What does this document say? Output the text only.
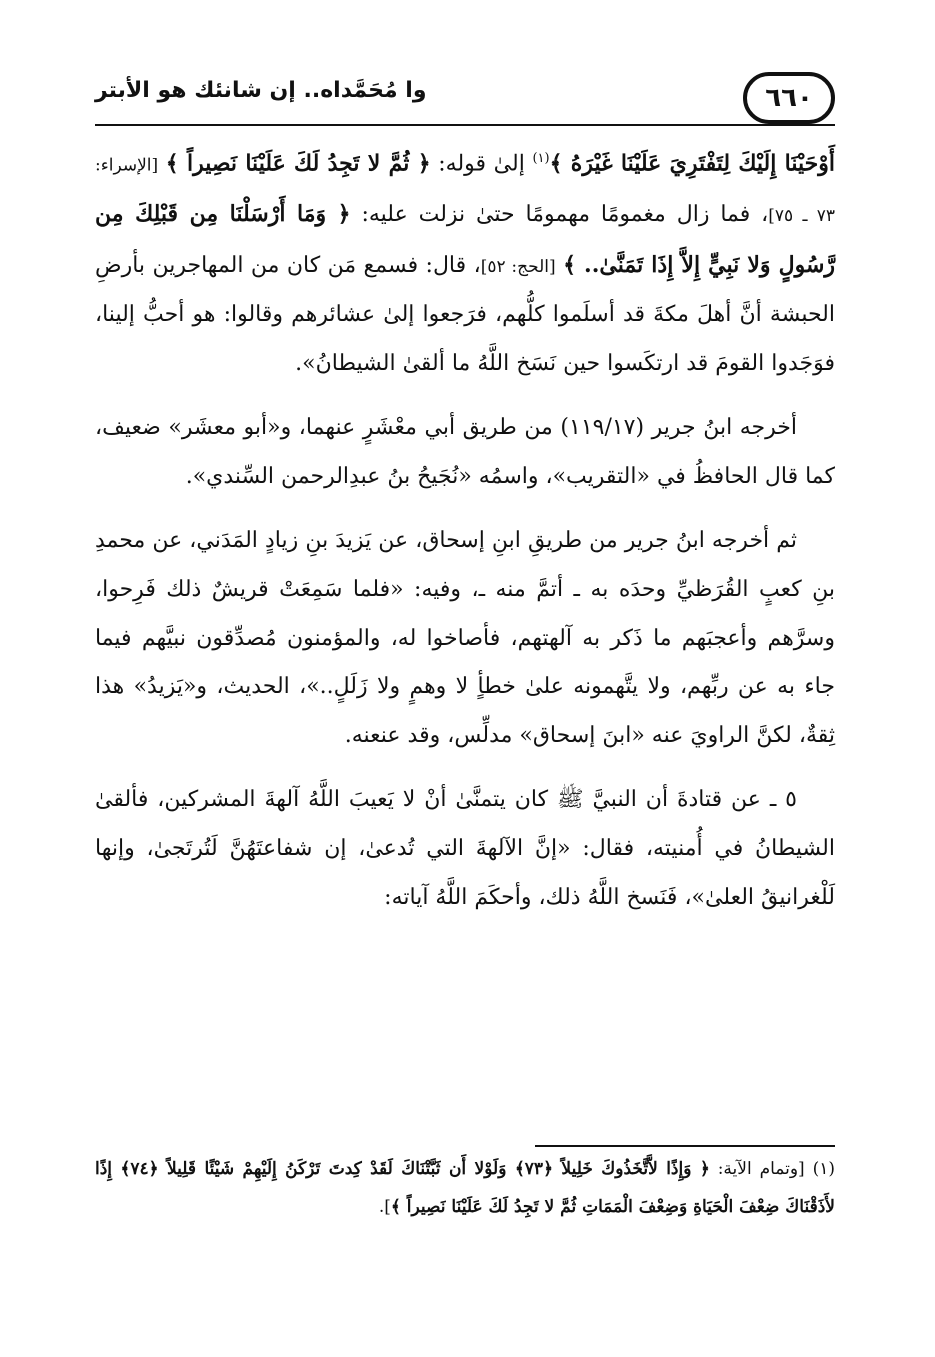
٦٦٠
وا مُحَمَّداه.. إن شانئك هو الأبتر

أَوْحَيْنَا إِلَيْكَ لِتَفْتَرِيَ عَلَيْنَا غَيْرَهُ ﴾$^{(١)}$ إلىٰ قوله: ﴿ ثُمَّ لا تَجِدُ لَكَ عَلَيْنَا نَصِيراً ﴾ [الإسراء: ٧٣ ـ ٧٥]، فما زال مغمومًا مهمومًا حتىٰ نزلت عليه: ﴿ وَمَا أَرْسَلْنَا مِن قَبْلِكَ مِن رَّسُولٍ وَلا نَبِيٍّ إِلاَّ إِذَا تَمَنَّىٰ.. ﴾ [الحج: ٥٢]، قال: فسمع مَن كان من المهاجرين بأرضِ الحبشة أنَّ أهلَ مكةَ قد أسلَموا كلُّهم، فرَجعوا إلىٰ عشائرهم وقالوا: هو أحبُّ إلينا، فوَجَدوا القومَ قد ارتكَسوا حين نَسَخ اللَّهُ ما ألقىٰ الشيطانُ».

أخرجه ابنُ جرير (١١٩/١٧) من طريق أبي معْشَرٍ عنهما، و«أبو معشَر» ضعيف، كما قال الحافظُ في «التقريب»، واسمُه «نُجَيحُ بنُ عبدِالرحمن السِّندي».

ثم أخرجه ابنُ جرير من طريقِ ابنِ إسحاق، عن يَزيدَ بنِ زيادٍ المَدَني، عن محمدِ بنِ كعبٍ القُرَظيِّ وحدَه به ـ أتمَّ منه ـ، وفيه: «فلما سَمِعَتْ قريشٌ ذلك فَرِحوا، وسرَّهم وأعجبَهم ما ذَكر به آلهتهم، فأصاخوا له، والمؤمنون مُصدِّقون نبيَّهم فيما جاء به عن ربِّهم، ولا يتَّهمونه علىٰ خطأٍ لا وهمٍ ولا زَلَلٍ..»، الحديث، و«يَزيدُ» هذا ثِقةٌ، لكنَّ الراويَ عنه «ابنَ إسحاق» مدلِّس، وقد عنعنه.

٥ ـ عن قتادةَ أن النبيَّ ﷺ كان يتمنَّىٰ أنْ لا يَعيبَ اللَّهُ آلهةَ المشركين، فألقىٰ الشيطانُ في أُمنيته، فقال: «إنَّ الآلهةَ التي تُدعىٰ، إن شفاعتَهُنَّ لَتُرتَجىٰ، وإنها لَلْغرانيقُ العلىٰ»، فَنَسخ اللَّهُ ذلك، وأحكَمَ اللَّهُ آياته:

(١) [وتمام الآية: ﴿ وَإِذًا لاَّتَّخَذُوكَ خَلِيلاً ﴿٧٣﴾ وَلَوْلا أَن ثَبَّتْنَاكَ لَقَدْ كِدتَ تَرْكَنُ إِلَيْهِمْ شَيْئًا قَلِيلاً ﴿٧٤﴾ إِذًا لأَذَقْنَاكَ ضِعْفَ الْحَيَاةِ وَضِعْفَ الْمَمَاتِ ثُمَّ لا تَجِدُ لَكَ عَلَيْنَا نَصِيراً ﴾].
